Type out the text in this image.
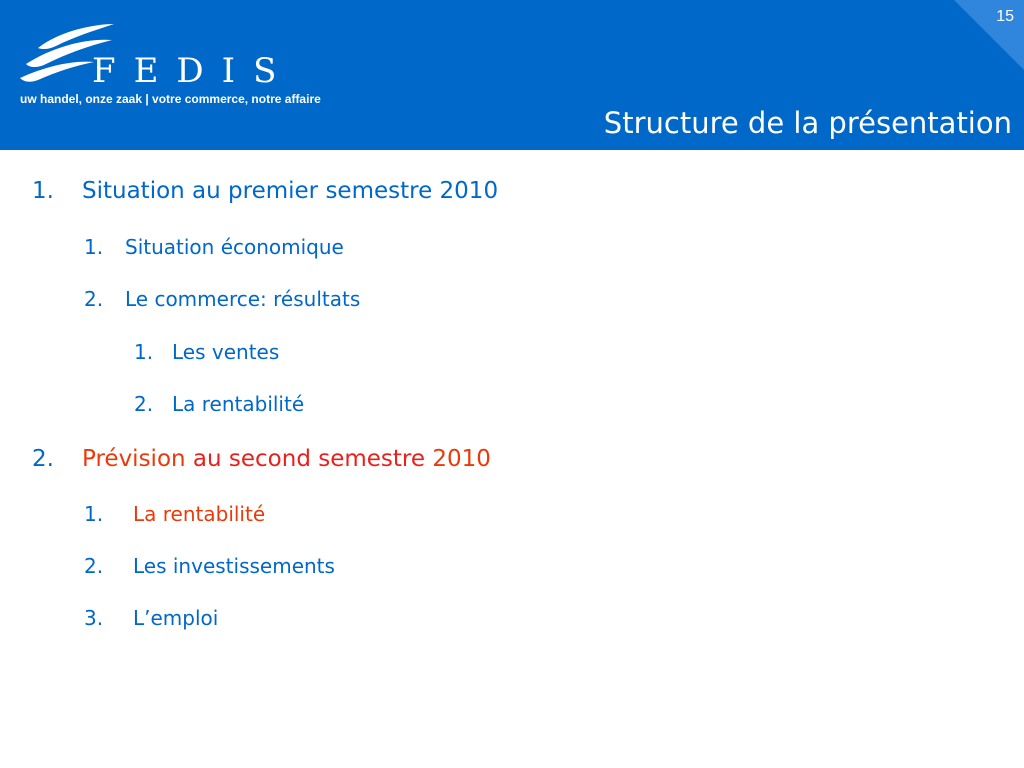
15
FEDIS
uw handel, onze zaak | votre commerce, notre affaire
Structure de la présentation
1. Situation au premier semestre 2010
1. Situation économique
2. Le commerce: résultats
1. Les ventes
2. La rentabilité
2. Prévision au second semestre 2010
1. La rentabilité
2. Les investissements
3. L’emploi
